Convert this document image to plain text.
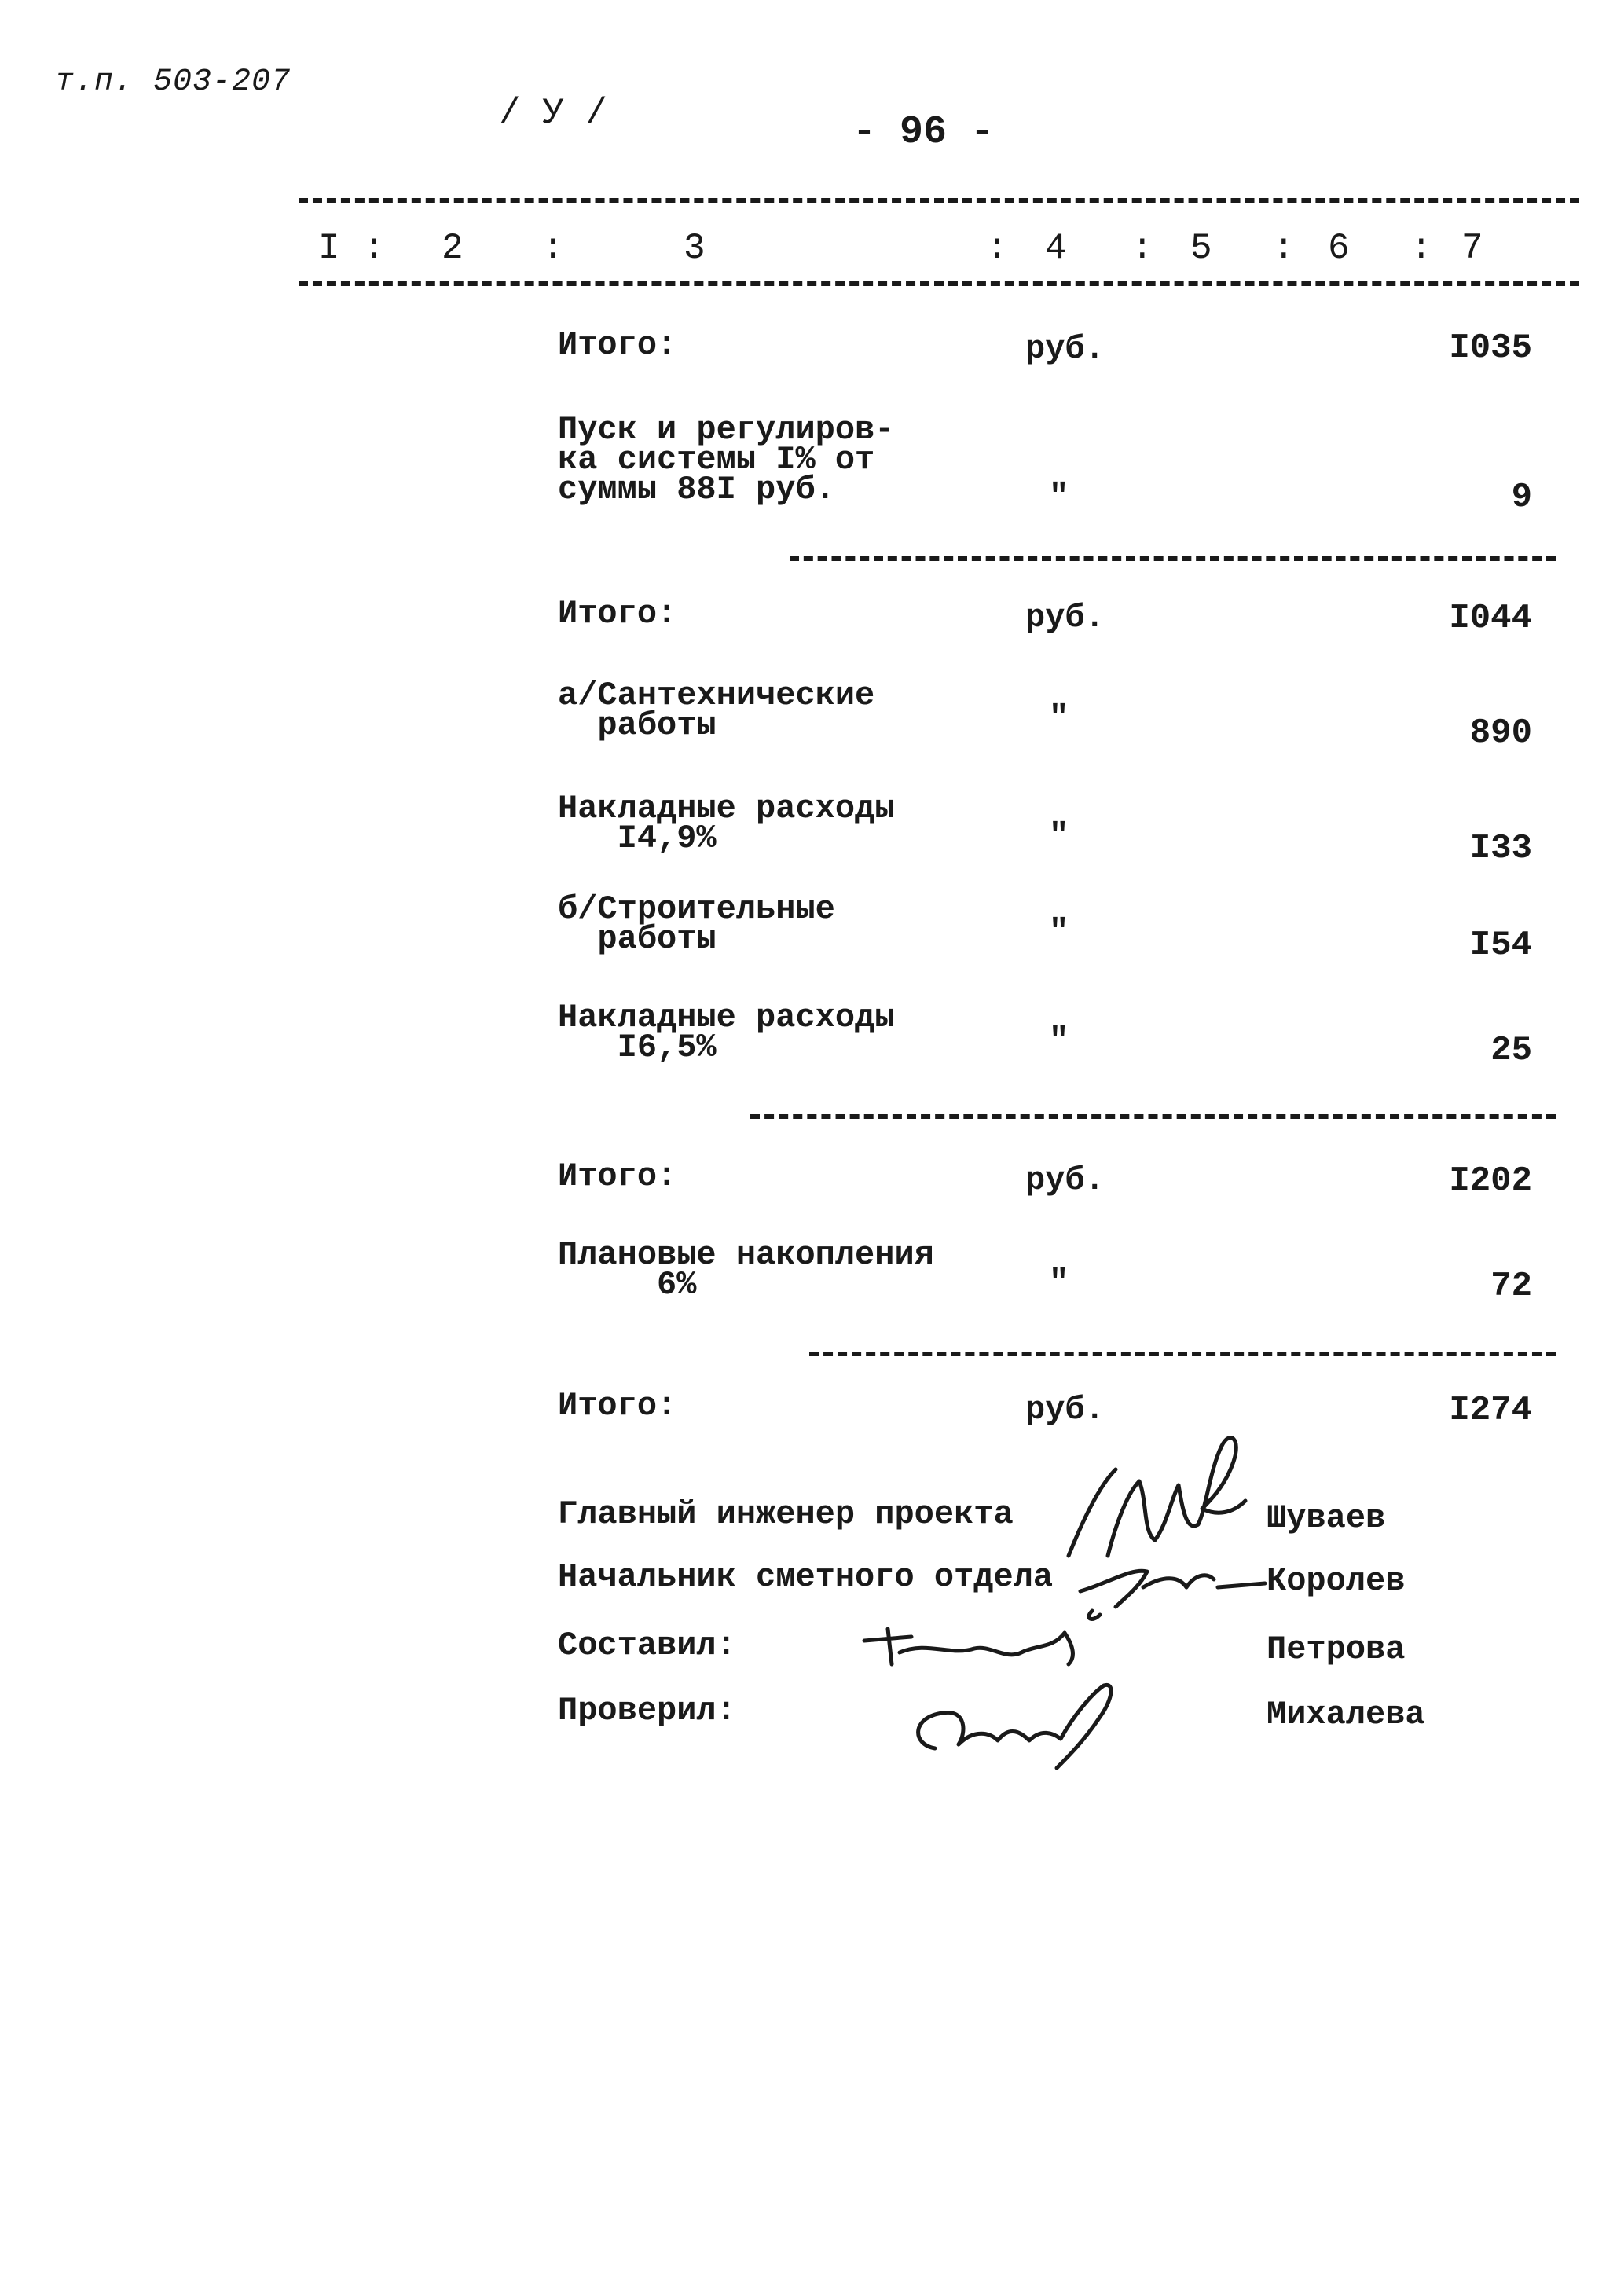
т.п. 503-207
/ У /	- 96 -
I : 2 :	3	: 4 : 5 : 6 : 7
Итого:	руб.	I035
Пуск и регулиров-
ка системы I% от
суммы 88I руб.	"	9
Итого:	руб.	I044
а/Сантехнические
работы	"	890
Накладные расходы
I4,9%	"	I33
б/Строительные
работы	"	I54
Накладные расходы
I6,5%	"	25
Итого:	руб.	I202
Плановые накопления
6%	"	72
Итого:	руб.	I274
Главный инженер проекта	Шуваев
Начальник сметного отдела	Королев
Составил:	Петрова
Проверил:	Михалева
